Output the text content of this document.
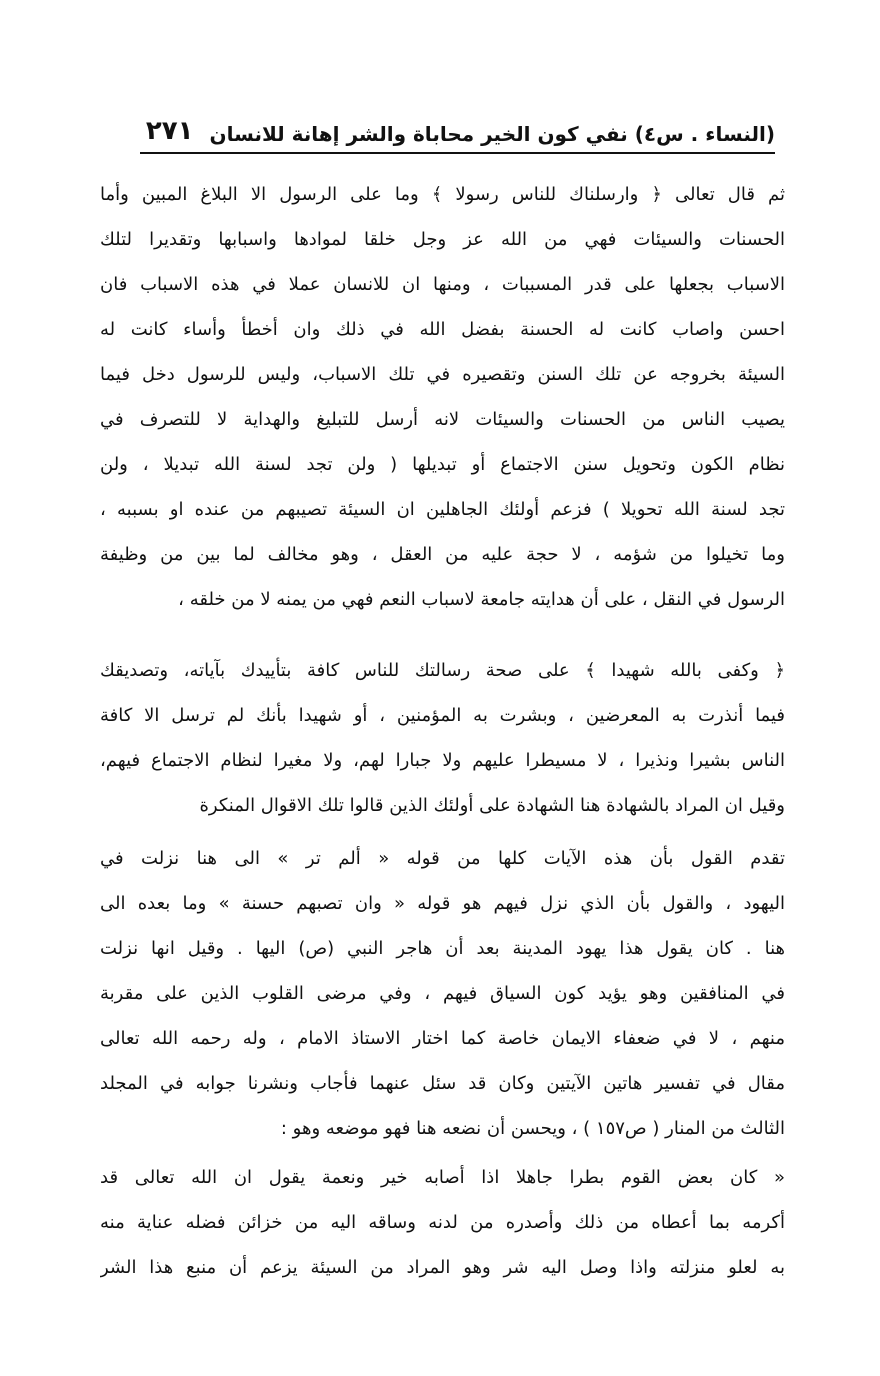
(النساء . س٤) نفي كون الخير محاباة والشر إهانة للانسان
٢٧١
ثم قال تعالى ﴿ وارسلناك للناس رسولا ﴾ وما على الرسول الا البلاغ المبين وأما
الحسنات والسيئات فهي من الله عز وجل خلقا لموادها واسبابها وتقديرا لتلك
الاسباب بجعلها على قدر المسببات ، ومنها ان للانسان عملا في هذه الاسباب فان
احسن واصاب كانت له الحسنة بفضل الله في ذلك وان أخطأ وأساء كانت له
السيئة بخروجه عن تلك السنن وتقصيره في تلك الاسباب، وليس للرسول دخل فيما
يصيب الناس من الحسنات والسيئات لانه أرسل للتبليغ والهداية لا للتصرف في
نظام الكون وتحويل سنن الاجتماع أو تبديلها ( ولن تجد لسنة الله تبديلا ، ولن
تجد لسنة الله تحويلا ) فزعم أولئك الجاهلين ان السيئة تصيبهم من عنده او بسببه ،
وما تخيلوا من شؤمه ، لا حجة عليه من العقل ، وهو مخالف لما بين من وظيفة
الرسول في النقل ، على أن هدايته جامعة لاسباب النعم فهي من يمنه لا من خلقه ،
﴿ وكفى بالله شهيدا ﴾ على صحة رسالتك للناس كافة بتأييدك بآياته، وتصديقك
فيما أنذرت به المعرضين ، وبشرت به المؤمنين ، أو شهيدا بأنك لم ترسل الا كافة
الناس بشيرا ونذيرا ، لا مسيطرا عليهم ولا جبارا لهم، ولا مغيرا لنظام الاجتماع فيهم،
وقيل ان المراد بالشهادة هنا الشهادة على أولئك الذين قالوا تلك الاقوال المنكرة
تقدم القول بأن هذه الآيات كلها من قوله « ألم تر » الى هنا نزلت في
اليهود ، والقول بأن الذي نزل فيهم هو قوله « وان تصبهم حسنة » وما بعده الى
هنا . كان يقول هذا يهود المدينة بعد أن هاجر النبي (ص) اليها . وقيل انها نزلت
في المنافقين وهو يؤيد كون السياق فيهم ، وفي مرضى القلوب الذين على مقربة
منهم ، لا في ضعفاء الايمان خاصة كما اختار الاستاذ الامام ، وله رحمه الله تعالى
مقال في تفسير هاتين الآيتين وكان قد سئل عنهما فأجاب ونشرنا جوابه في المجلد
الثالث من المنار ( ص١٥٧ ) ، ويحسن أن نضعه هنا فهو موضعه وهو :
« كان بعض القوم بطرا جاهلا اذا أصابه خير ونعمة يقول ان الله تعالى قد
أكرمه بما أعطاه من ذلك وأصدره من لدنه وساقه اليه من خزائن فضله عناية منه
به لعلو منزلته واذا وصل اليه شر وهو المراد من السيئة يزعم أن منبع هذا الشر
